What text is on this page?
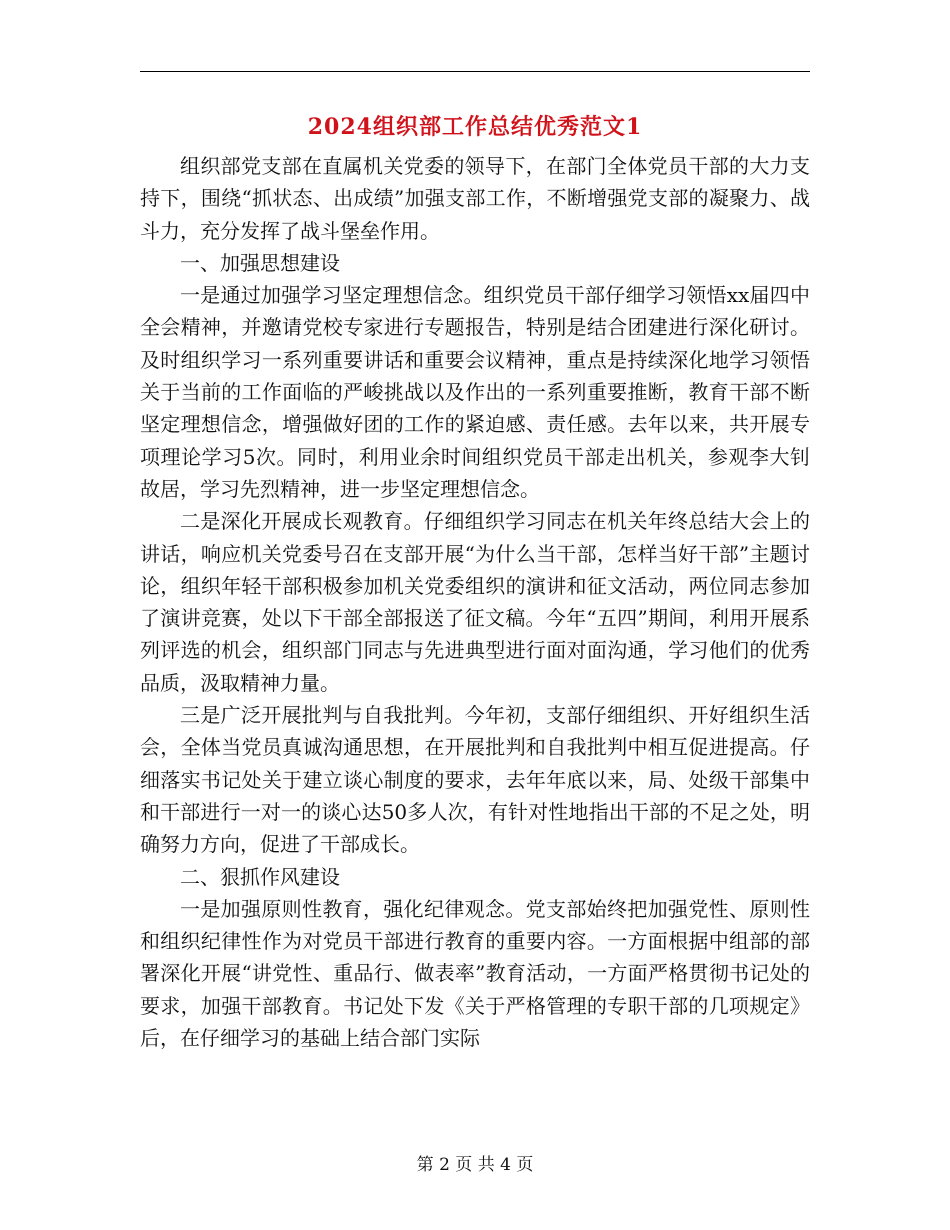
2024组织部工作总结优秀范文1

组织部党支部在直属机关党委的领导下，在部门全体党员干部的大力支持下，围绕“抓状态、出成绩”加强支部工作，不断增强党支部的凝聚力、战斗力，充分发挥了战斗堡垒作用。

一、加强思想建设

一是通过加强学习坚定理想信念。组织党员干部仔细学习领悟xx届四中全会精神，并邀请党校专家进行专题报告，特别是结合团建进行深化研讨。及时组织学习一系列重要讲话和重要会议精神，重点是持续深化地学习领悟关于当前的工作面临的严峻挑战以及作出的一系列重要推断，教育干部不断坚定理想信念，增强做好团的工作的紧迫感、责任感。去年以来，共开展专项理论学习5次。同时，利用业余时间组织党员干部走出机关，参观李大钊故居，学习先烈精神，进一步坚定理想信念。

二是深化开展成长观教育。仔细组织学习同志在机关年终总结大会上的讲话，响应机关党委号召在支部开展“为什么当干部，怎样当好干部”主题讨论，组织年轻干部积极参加机关党委组织的演讲和征文活动，两位同志参加了演讲竞赛，处以下干部全部报送了征文稿。今年“五四”期间，利用开展系列评选的机会，组织部门同志与先进典型进行面对面沟通，学习他们的优秀品质，汲取精神力量。

三是广泛开展批判与自我批判。今年初，支部仔细组织、开好组织生活会，全体当党员真诚沟通思想，在开展批判和自我批判中相互促进提高。仔细落实书记处关于建立谈心制度的要求，去年年底以来，局、处级干部集中和干部进行一对一的谈心达50多人次，有针对性地指出干部的不足之处，明确努力方向，促进了干部成长。

二、狠抓作风建设

一是加强原则性教育，强化纪律观念。党支部始终把加强党性、原则性和组织纪律性作为对党员干部进行教育的重要内容。一方面根据中组部的部署深化开展“讲党性、重品行、做表率”教育活动，一方面严格贯彻书记处的要求，加强干部教育。书记处下发《关于严格管理的专职干部的几项规定》后，在仔细学习的基础上结合部门实际

第 2 页 共 4 页
